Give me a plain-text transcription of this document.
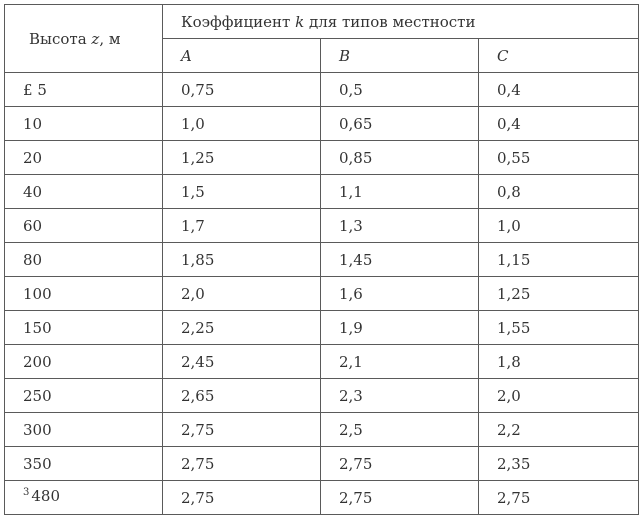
Высота z, м	Коэффициент k для типов местности		
	A	B	C
£ 5	0,75	0,5	0,4
10	1,0	0,65	0,4
20	1,25	0,85	0,55
40	1,5	1,1	0,8
60	1,7	1,3	1,0
80	1,85	1,45	1,15
100	2,0	1,6	1,25
150	2,25	1,9	1,55
200	2,45	2,1	1,8
250	2,65	2,3	2,0
300	2,75	2,5	2,2
350	2,75	2,75	2,35
$^3$ 480	2,75	2,75	2,75
